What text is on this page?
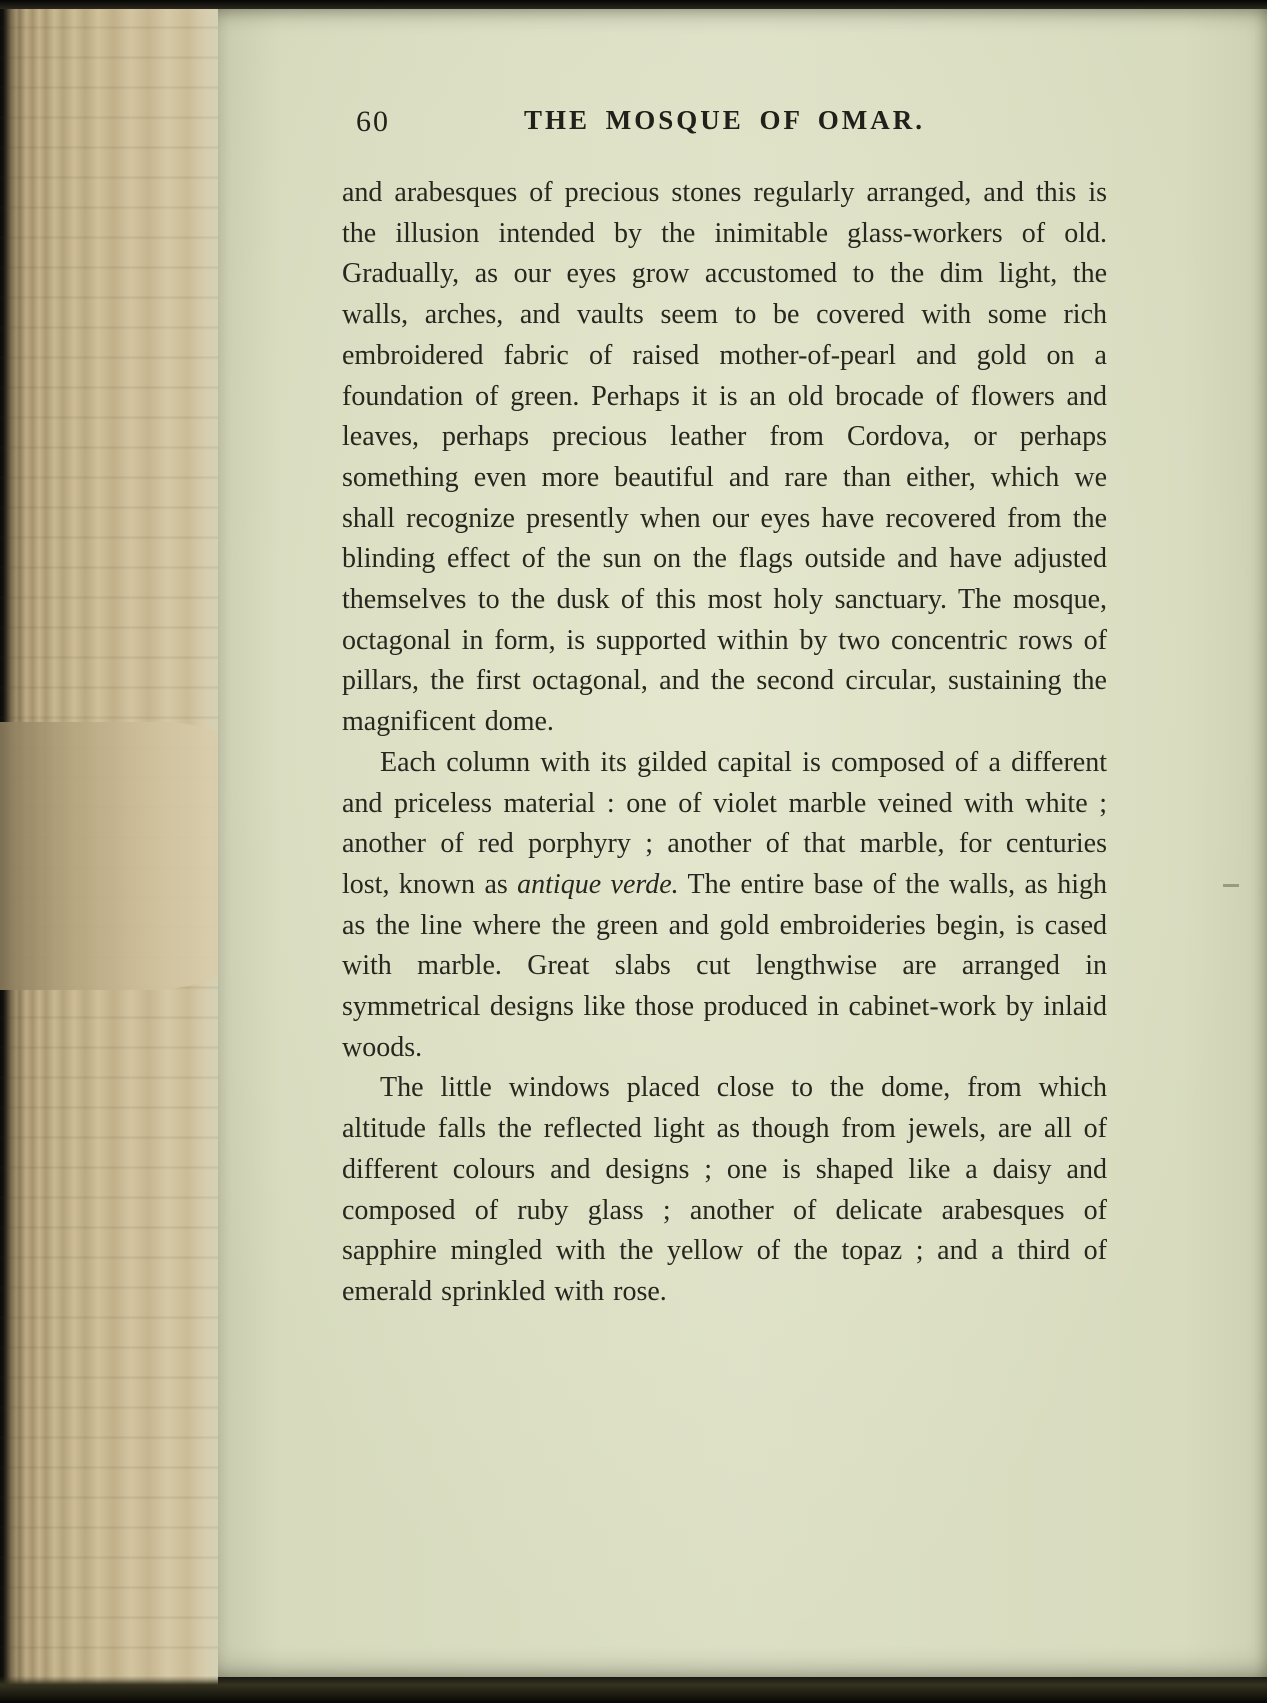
60	THE MOSQUE OF OMAR.

and arabesques of precious stones regularly arranged, and this is the illusion intended by the inimitable glass-workers of old. Gradually, as our eyes grow accustomed to the dim light, the walls, arches, and vaults seem to be covered with some rich embroidered fabric of raised mother-of-pearl and gold on a foundation of green. Perhaps it is an old brocade of flowers and leaves, perhaps precious leather from Cordova, or perhaps something even more beautiful and rare than either, which we shall recognize presently when our eyes have recovered from the blinding effect of the sun on the flags outside and have adjusted themselves to the dusk of this most holy sanctuary. The mosque, octagonal in form, is supported within by two concentric rows of pillars, the first octagonal, and the second circular, sustaining the magnificent dome.

Each column with its gilded capital is composed of a different and priceless material : one of violet marble veined with white ; another of red porphyry ; another of that marble, for centuries lost, known as antique verde. The entire base of the walls, as high as the line where the green and gold embroideries begin, is cased with marble. Great slabs cut lengthwise are arranged in symmetrical designs like those produced in cabinet-work by inlaid woods.

The little windows placed close to the dome, from which altitude falls the reflected light as though from jewels, are all of different colours and designs ; one is shaped like a daisy and composed of ruby glass ; another of delicate arabesques of sapphire mingled with the yellow of the topaz ; and a third of emerald sprinkled with rose.
